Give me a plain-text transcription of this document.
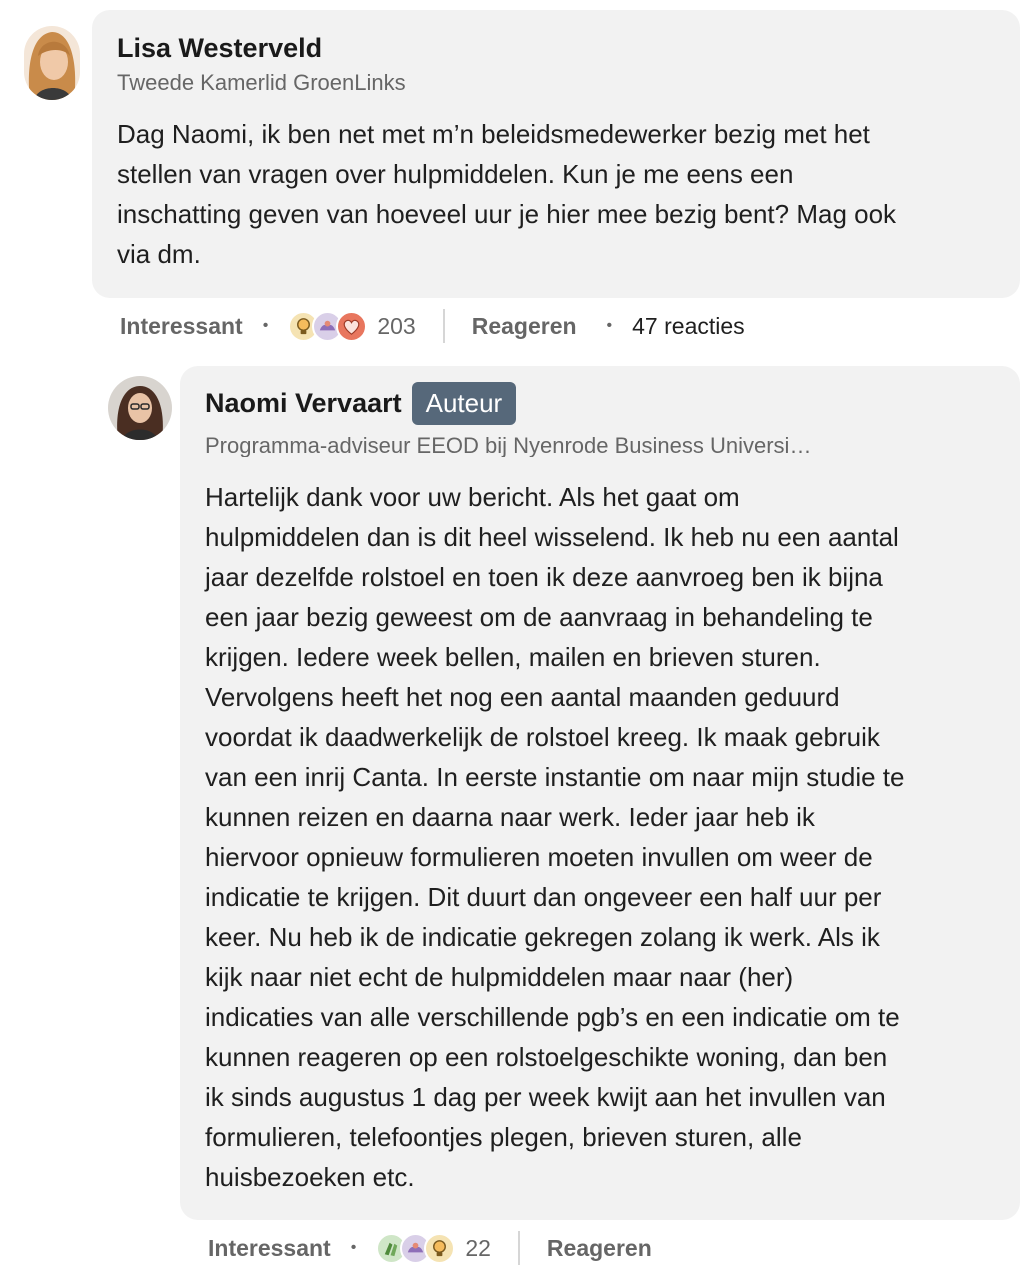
Lisa Westerveld
Tweede Kamerlid GroenLinks
Dag Naomi, ik ben net met m’n beleidsmedewerker bezig met het
stellen van vragen over hulpmiddelen. Kun je me eens een
inschatting geven van hoeveel uur je hier mee bezig bent? Mag ook
via dm.
Interessant •	203 Reageren • 47 reacties
Naomi Vervaart Auteur
Programma-adviseur EEOD bij Nyenrode Business Universi…
Hartelijk dank voor uw bericht. Als het gaat om
hulpmiddelen dan is dit heel wisselend. Ik heb nu een aantal
jaar dezelfde rolstoel en toen ik deze aanvroeg ben ik bijna
een jaar bezig geweest om de aanvraag in behandeling te
krijgen. Iedere week bellen, mailen en brieven sturen.
Vervolgens heeft het nog een aantal maanden geduurd
voordat ik daadwerkelijk de rolstoel kreeg. Ik maak gebruik
van een inrij Canta. In eerste instantie om naar mijn studie te
kunnen reizen en daarna naar werk. Ieder jaar heb ik
hiervoor opnieuw formulieren moeten invullen om weer de
indicatie te krijgen. Dit duurt dan ongeveer een half uur per
keer. Nu heb ik de indicatie gekregen zolang ik werk. Als ik
kijk naar niet echt de hulpmiddelen maar naar (her)
indicaties van alle verschillende pgb’s en een indicatie om te
kunnen reageren op een rolstoelgeschikte woning, dan ben
ik sinds augustus 1 dag per week kwijt aan het invullen van
formulieren, telefoontjes plegen, brieven sturen, alle
huisbezoeken etc.
Interessant •	22 Reageren
